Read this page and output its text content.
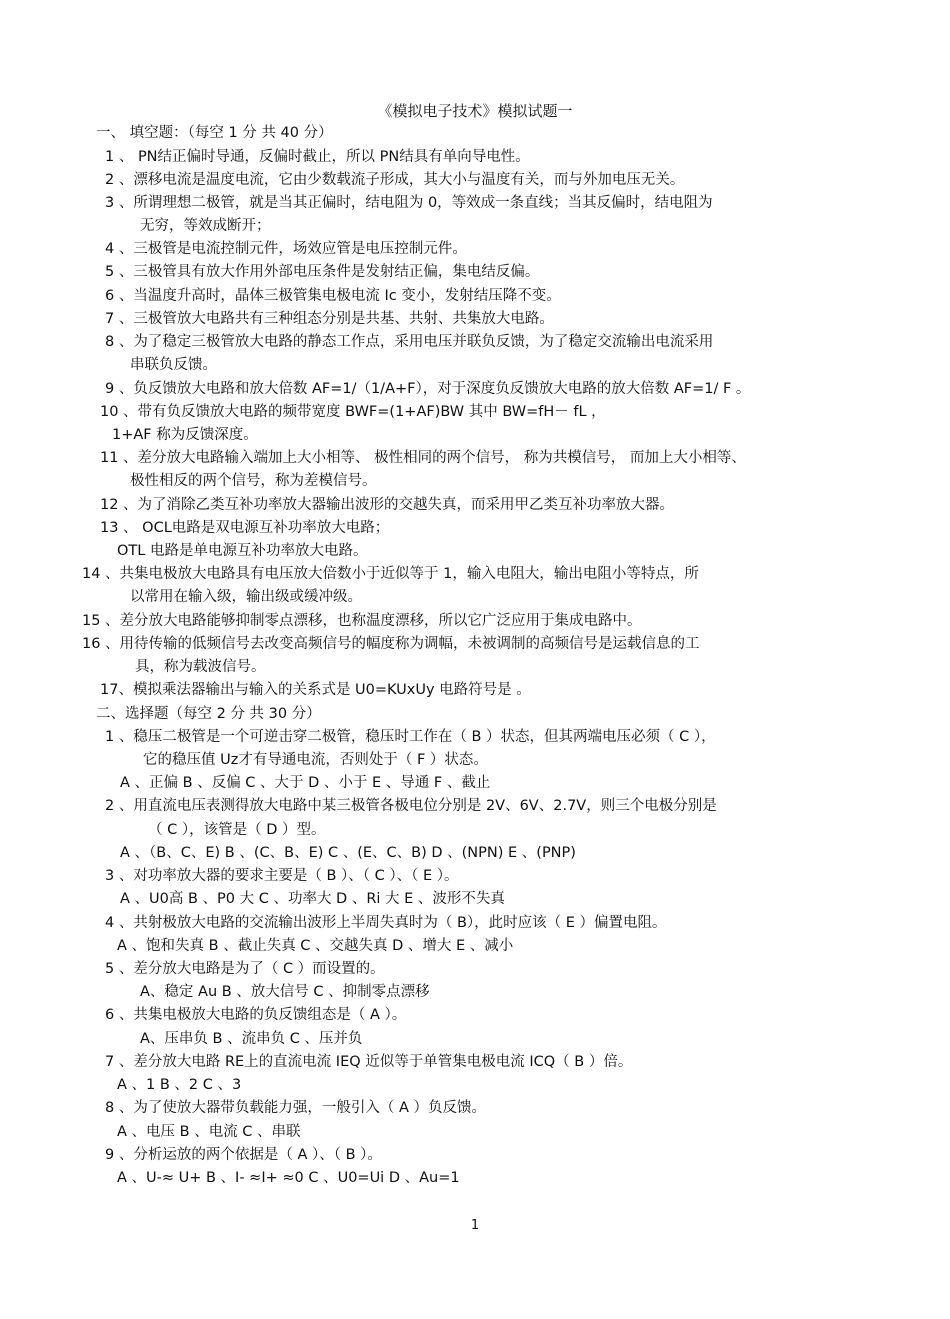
《模拟电子技术》模拟试题一
一、 填空题：（每空 1 分 共 40 分）
1 、 PN结正偏时导通，反偏时截止，所以 PN结具有单向导电性。
2 、漂移电流是温度电流，它由少数载流子形成，其大小与温度有关，而与外加电压无关。
3 、所谓理想二极管，就是当其正偏时，结电阻为 0，等效成一条直线；当其反偏时，结电阻为
无穷，等效成断开；
4 、三极管是电流控制元件，场效应管是电压控制元件。
5 、三极管具有放大作用外部电压条件是发射结正偏，集电结反偏。
6 、当温度升高时，晶体三极管集电极电流 Ic 变小，发射结压降不变。
7 、三极管放大电路共有三种组态分别是共基、共射、共集放大电路。
8 、为了稳定三极管放大电路的静态工作点，采用电压并联负反馈，为了稳定交流输出电流采用
串联负反馈。
9 、负反馈放大电路和放大倍数 AF=1/（1/A+F），对于深度负反馈放大电路的放大倍数 AF=1/ F 。
10 、带有负反馈放大电路的频带宽度 BWF=(1+AF)BW 其中 BW=fH－ fL ，
1+AF 称为反馈深度。
11 、差分放大电路输入端加上大小相等、 极性相同的两个信号， 称为共模信号， 而加上大小相等、
极性相反的两个信号，称为差模信号。
12 、为了消除乙类互补功率放大器输出波形的交越失真，而采用甲乙类互补功率放大器。
13 、 OCL电路是双电源互补功率放大电路；
OTL 电路是单电源互补功率放大电路。
14 、共集电极放大电路具有电压放大倍数小于近似等于 1，输入电阻大，输出电阻小等特点，所
以常用在输入级，输出级或缓冲级。
15 、差分放大电路能够抑制零点漂移，也称温度漂移，所以它广泛应用于集成电路中。
16 、用待传输的低频信号去改变高频信号的幅度称为调幅，未被调制的高频信号是运载信息的工
具，称为载波信号。
17、模拟乘法器输出与输入的关系式是 U0=KUxUy 电路符号是 。
二、选择题（每空 2 分 共 30 分）
1 、稳压二极管是一个可逆击穿二极管，稳压时工作在（ B ）状态，但其两端电压必须（ C ），
它的稳压值 Uz才有导通电流，否则处于（ F ）状态。
A 、正偏 B 、反偏 C 、大于 D 、小于 E 、导通 F 、截止
2 、用直流电压表测得放大电路中某三极管各极电位分别是 2V、6V、2.7V，则三个电极分别是
（ C ），该管是（ D ）型。
A 、（B、C、E) B 、(C、B、E) C 、(E、C、B) D 、(NPN) E 、(PNP)
3 、对功率放大器的要求主要是（ B ）、（ C ）、（ E ）。
A 、U0高 B 、P0 大 C 、功率大 D 、Ri 大 E 、波形不失真
4 、共射极放大电路的交流输出波形上半周失真时为（ B），此时应该（ E ）偏置电阻。
A 、饱和失真 B 、截止失真 C 、交越失真 D 、增大 E 、减小
5 、差分放大电路是为了（ C ）而设置的。
A、稳定 Au B 、放大信号 C 、抑制零点漂移
6 、共集电极放大电路的负反馈组态是（ A ）。
A、压串负 B 、流串负 C 、压并负
7 、差分放大电路 RE上的直流电流 IEQ 近似等于单管集电极电流 ICQ（ B ）倍。
A 、1 B 、2 C 、3
8 、为了使放大器带负载能力强，一般引入（ A ）负反馈。
A 、电压 B 、电流 C 、串联
9 、分析运放的两个依据是（ A ）、（ B ）。
A 、U-≈ U+ B 、I- ≈I+ ≈0 C 、U0=Ui D 、Au=1
1
